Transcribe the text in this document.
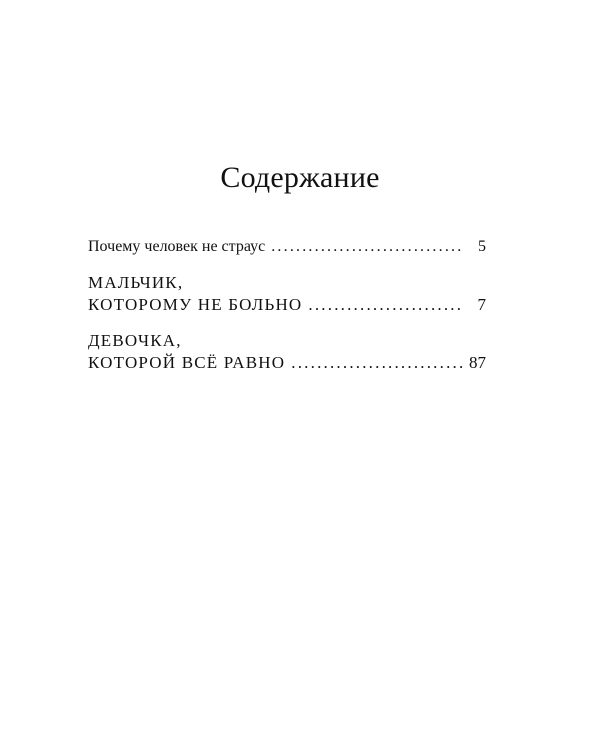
Содержание
Почему человек не страус .....	5
МАЛЬЧИК,
КОТОРОМУ НЕ БОЛЬНО .....	7
ДЕВОЧКА,
КОТОРОЙ ВСЁ РАВНО .....	87
